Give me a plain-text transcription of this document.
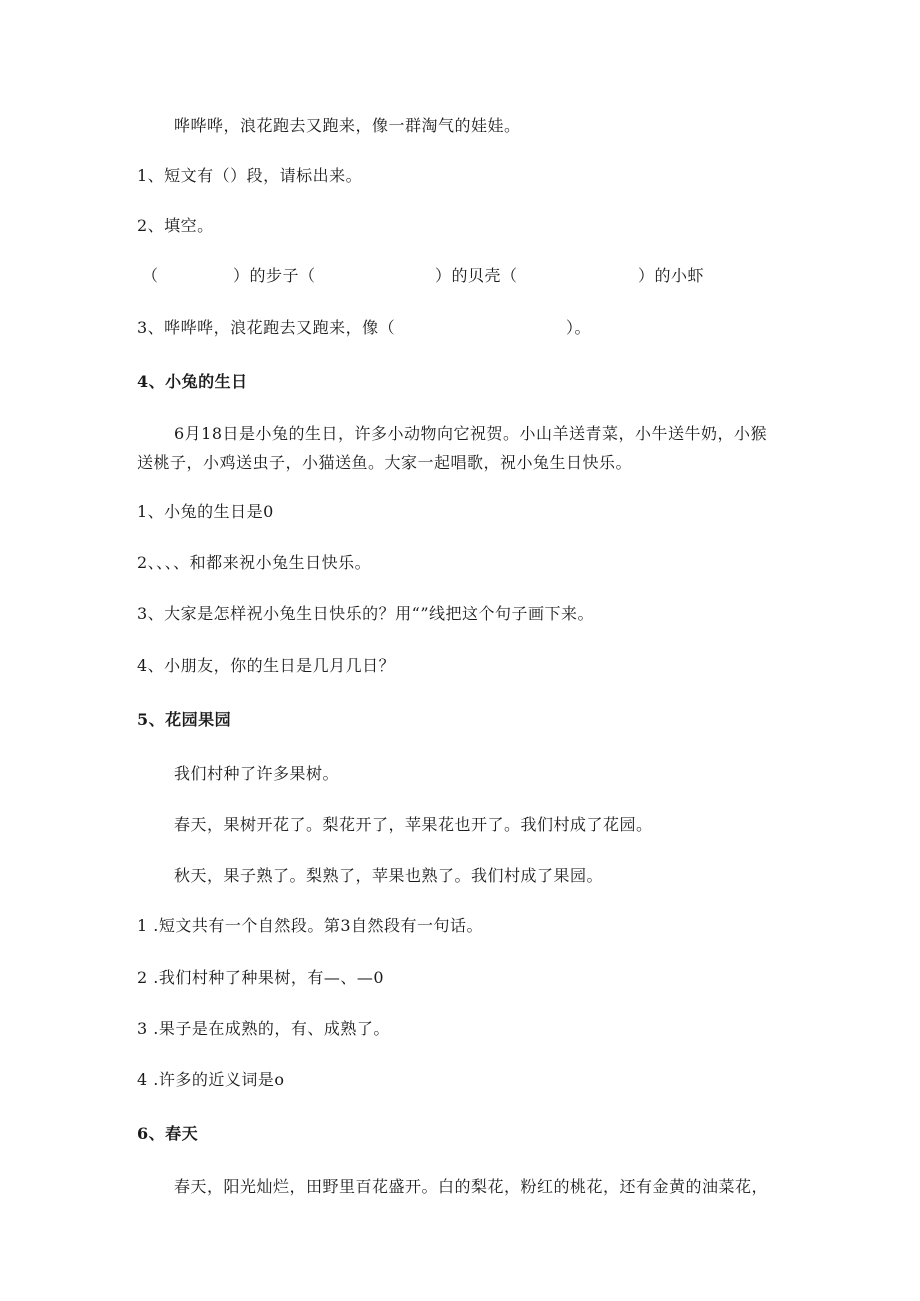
哗哗哗，浪花跑去又跑来，像一群淘气的娃娃。
1、短文有（）段，请标出来。
2、填空。
（	）的步子（	）的贝壳（	）的小虾
3、哗哗哗，浪花跑去又跑来，像（	）。
4、小兔的生日
6月18日是小兔的生日，许多小动物向它祝贺。小山羊送青菜，小牛送牛奶，小猴
送桃子，小鸡送虫子，小猫送鱼。大家一起唱歌，祝小兔生日快乐。
1、小兔的生日是0
2、、、、和都来祝小兔生日快乐。
3、大家是怎样祝小兔生日快乐的？用“”线把这个句子画下来。
4、小朋友，你的生日是几月几日？
5、花园果园
我们村种了许多果树。
春天，果树开花了。梨花开了，苹果花也开了。我们村成了花园。
秋天，果子熟了。梨熟了，苹果也熟了。我们村成了果园。
1 .短文共有一个自然段。第3自然段有一句话。
2 .我们村种了种果树，有—、—0
3 .果子是在成熟的，有、成熟了。
4 .许多的近义词是o
6、春天
春天，阳光灿烂，田野里百花盛开。白的梨花，粉红的桃花，还有金黄的油菜花，
